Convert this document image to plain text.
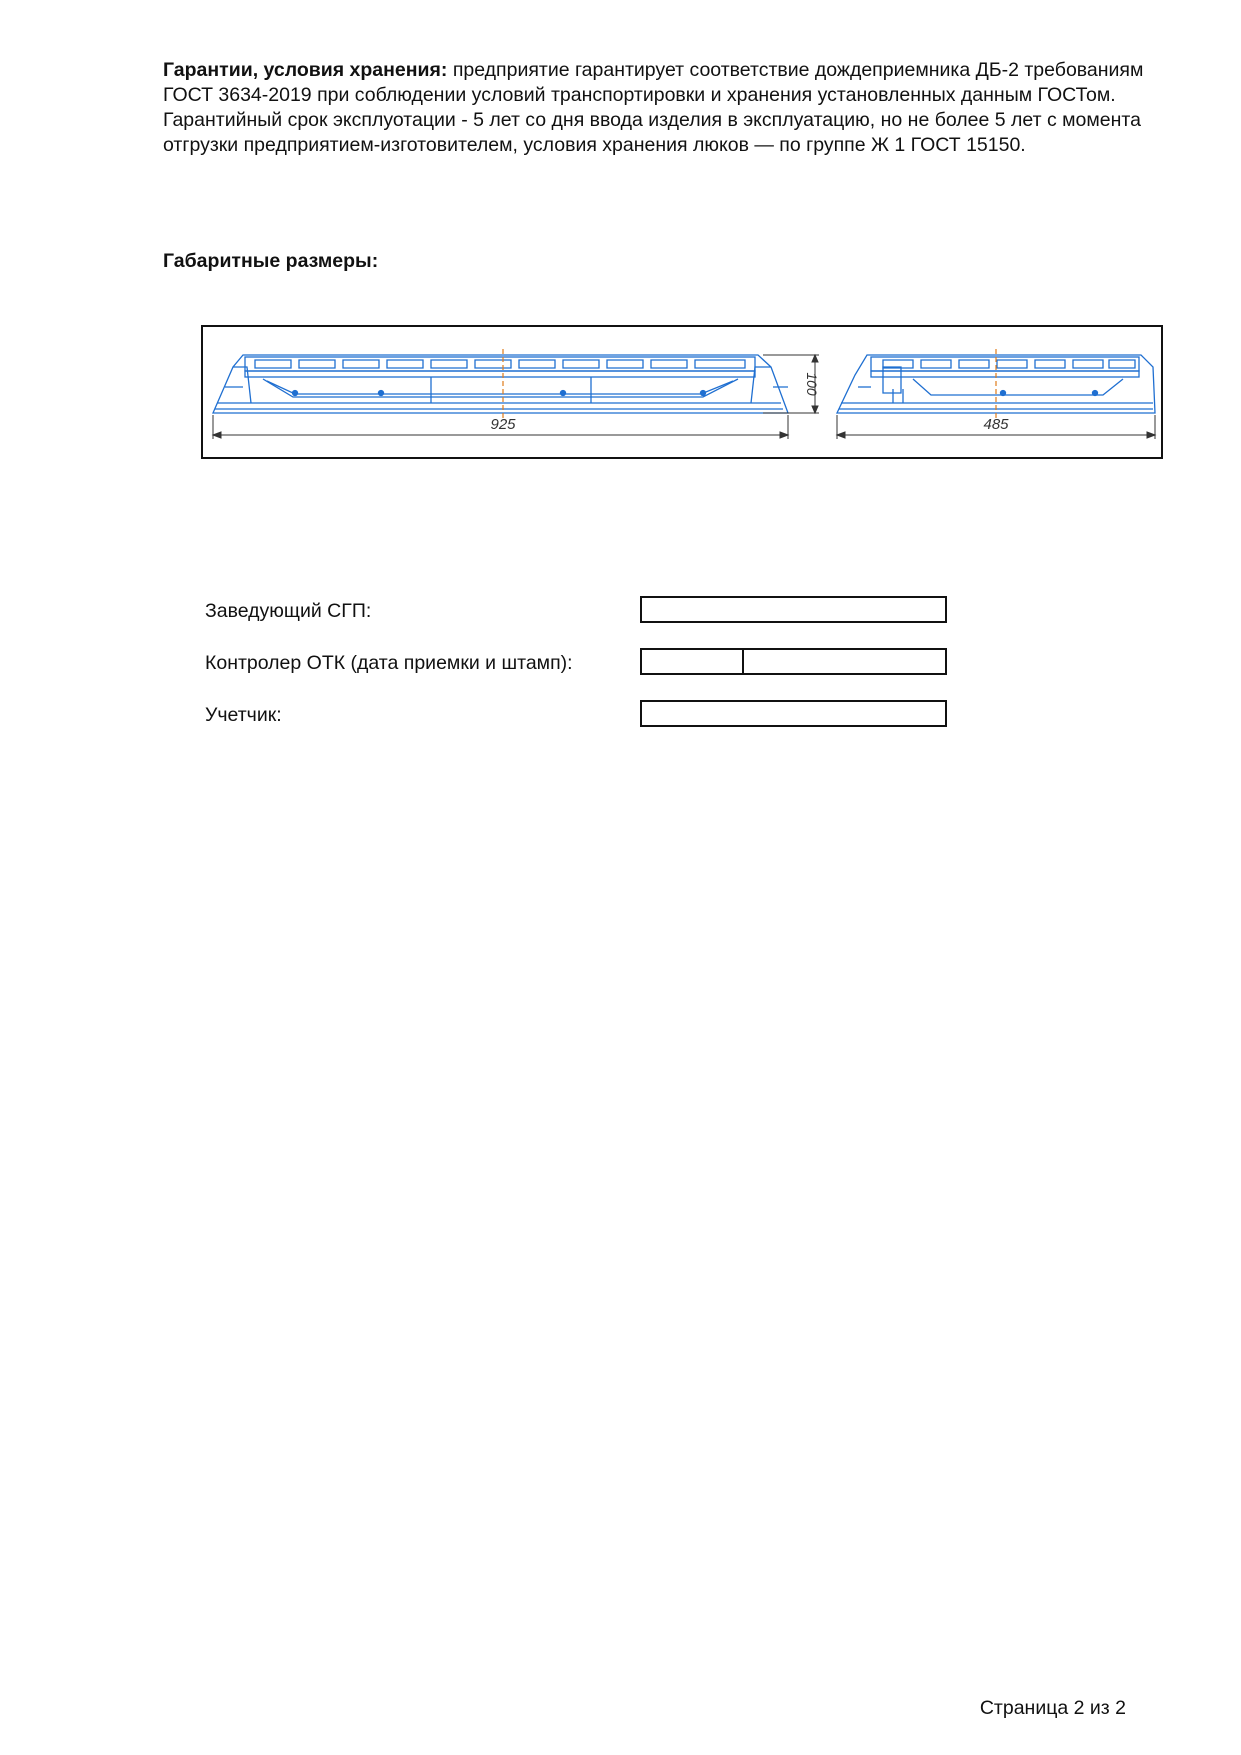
Гарантии, условия хранения: предприятие гарантирует соответствие дождеприемника ДБ-2 требованиям ГОСТ 3634-2019 при соблюдении условий транспортировки и хранения установленных данным ГОСТом. Гарантийный срок эксплуотации - 5 лет со дня ввода изделия в эксплуатацию, но не более 5 лет с момента отгрузки предприятием-изготовителем, условия хранения люков — по группе Ж 1 ГОСТ 15150.

Габаритные размеры:

925
100
485
Заведующий СГП:
Контролер ОТК (дата приемки и штамп):
Учетчик:
Страница 2 из 2
